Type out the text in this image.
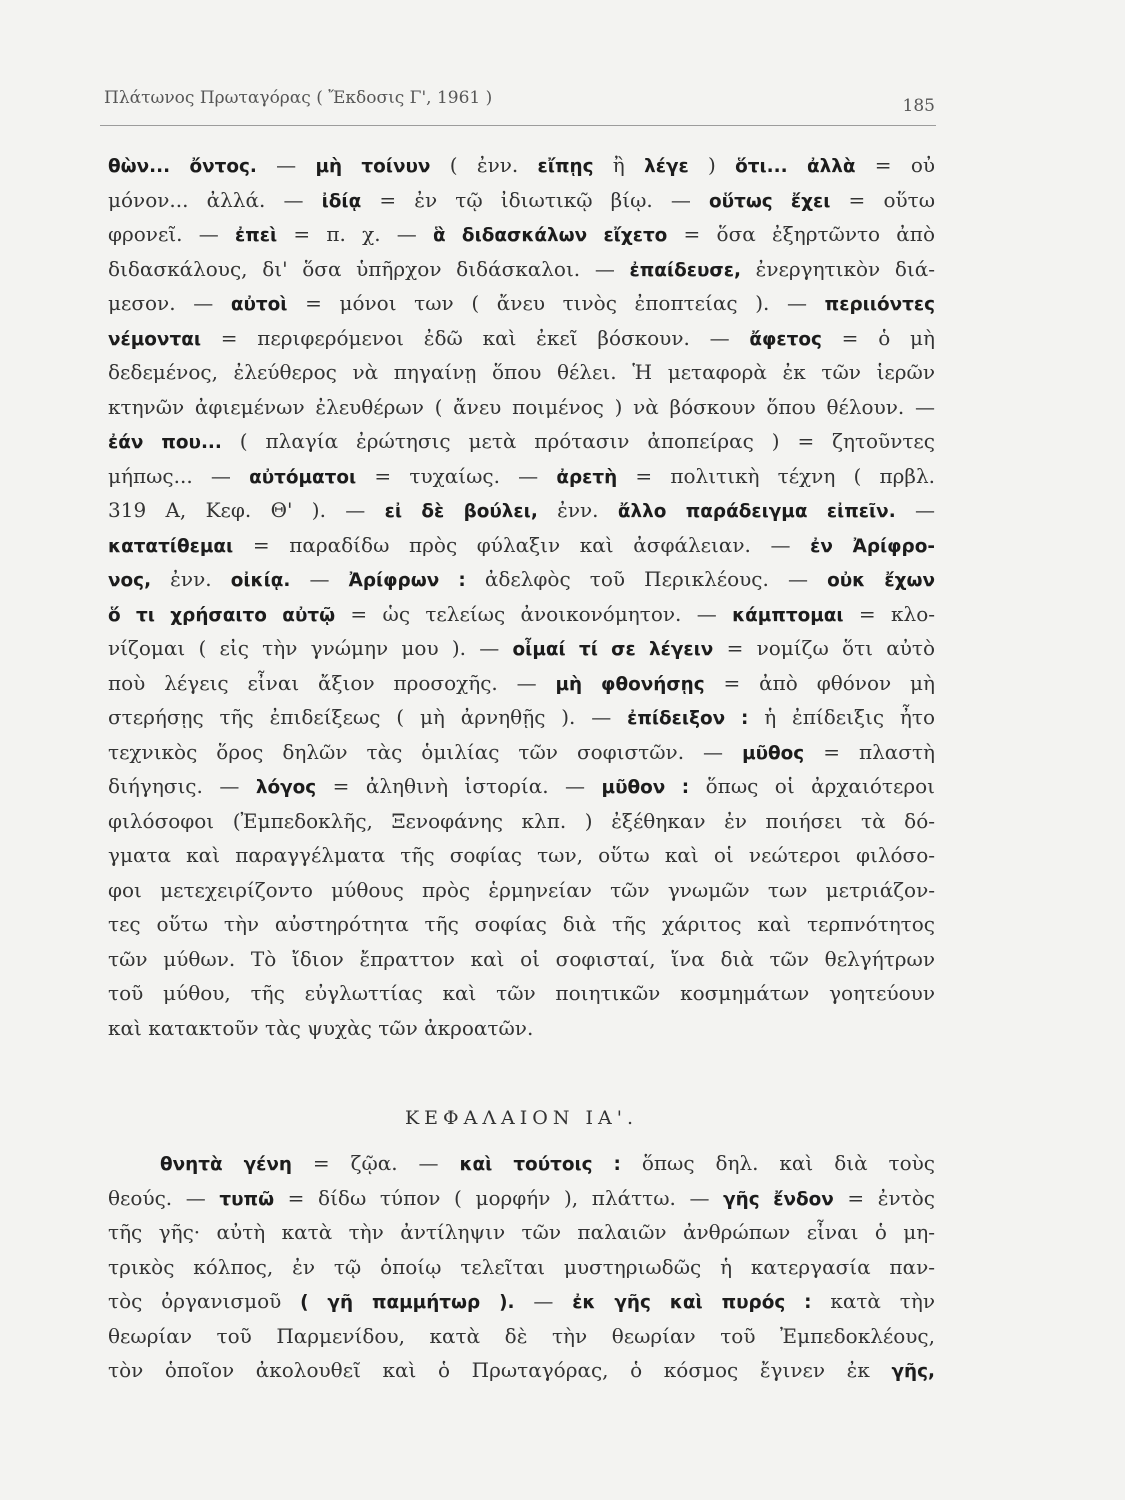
Πλάτωνος Πρωταγόρας ( Ἔκδοσις Γ', 1961 )	185
θὼν... ὄντος. — μὴ τοίνυν ( ἐνν. εἴπῃς ἢ λέγε ) ὅτι... ἀλλὰ = οὐ
μόνον... ἀλλά. — ἰδίᾳ = ἐν τῷ ἰδιωτικῷ βίῳ. — οὕτως ἔχει = οὕτω
φρονεῖ. — ἐπεὶ = π. χ. — ἃ διδασκάλων εἴχετο = ὅσα ἐξηρτῶντο ἀπὸ
διδασκάλους, δι' ὅσα ὑπῆρχον διδάσκαλοι. — ἐπαίδευσε, ἐνεργητικὸν διά-
μεσον. — αὐτοὶ = μόνοι των ( ἄνευ τινὸς ἐποπτείας ). — περιιόντες
νέμονται = περιφερόμενοι ἐδῶ καὶ ἐκεῖ βόσκουν. — ἄφετος = ὁ μὴ
δεδεμένος, ἐλεύθερος νὰ πηγαίνῃ ὅπου θέλει. Ἡ μεταφορὰ ἐκ τῶν ἱερῶν
κτηνῶν ἀφιεμένων ἐλευθέρων ( ἄνευ ποιμένος ) νὰ βόσκουν ὅπου θέλουν. —
ἐάν που... ( πλαγία ἐρώτησις μετὰ πρότασιν ἀποπείρας ) = ζητοῦντες
μήπως... — αὐτόματοι = τυχαίως. — ἀρετὴ = πολιτικὴ τέχνη ( πρβλ.
319 Α, Κεφ. Θ' ). — εἰ δὲ βούλει, ἐνν. ἄλλο παράδειγμα εἰπεῖν. —
κατατίθεμαι = παραδίδω πρὸς φύλαξιν καὶ ἀσφάλειαν. — ἐν Ἀρίφρο-
νος, ἐνν. οἰκίᾳ. — Ἀρίφρων : ἀδελφὸς τοῦ Περικλέους. — οὐκ ἔχων
ὅ τι χρήσαιτο αὐτῷ = ὡς τελείως ἀνοικονόμητον. — κάμπτομαι = κλο-
νίζομαι ( εἰς τὴν γνώμην μου ). — οἶμαί τί σε λέγειν = νομίζω ὅτι αὐτὸ
ποὺ λέγεις εἶναι ἄξιον προσοχῆς. — μὴ φθονήσῃς = ἀπὸ φθόνον μὴ
στερήσῃς τῆς ἐπιδείξεως ( μὴ ἀρνηθῇς ). — ἐπίδειξον : ἡ ἐπίδειξις ἦτο
τεχνικὸς ὅρος δηλῶν τὰς ὁμιλίας τῶν σοφιστῶν. — μῦθος = πλαστὴ
διήγησις. — λόγος = ἀληθινὴ ἱστορία. — μῦθον : ὅπως οἱ ἀρχαιότεροι
φιλόσοφοι (Ἐμπεδοκλῆς, Ξενοφάνης κλπ. ) ἐξέθηκαν ἐν ποιήσει τὰ δό-
γματα καὶ παραγγέλματα τῆς σοφίας των, οὕτω καὶ οἱ νεώτεροι φιλόσο-
φοι μετεχειρίζοντο μύθους πρὸς ἑρμηνείαν τῶν γνωμῶν των μετριάζον-
τες οὕτω τὴν αὐστηρότητα τῆς σοφίας διὰ τῆς χάριτος καὶ τερπνότητος
τῶν μύθων. Τὸ ἴδιον ἔπραττον καὶ οἱ σοφισταί, ἵνα διὰ τῶν θελγήτρων
τοῦ μύθου, τῆς εὐγλωττίας καὶ τῶν ποιητικῶν κοσμημάτων γοητεύουν
καὶ κατακτοῦν τὰς ψυχὰς τῶν ἀκροατῶν.
ΚΕΦΑΛΑΙΟΝ ΙΑ'.
θνητὰ γένη = ζῷα. — καὶ τούτοις : ὅπως δηλ. καὶ διὰ τοὺς
θεούς. — τυπῶ = δίδω τύπον ( μορφήν ), πλάττω. — γῆς ἔνδον = ἐντὸς
τῆς γῆς· αὐτὴ κατὰ τὴν ἀντίληψιν τῶν παλαιῶν ἀνθρώπων εἶναι ὁ μη-
τρικὸς κόλπος, ἐν τῷ ὁποίῳ τελεῖται μυστηριωδῶς ἡ κατεργασία παν-
τὸς ὀργανισμοῦ ( γῆ παμμήτωρ ). — ἐκ γῆς καὶ πυρός : κατὰ τὴν
θεωρίαν τοῦ Παρμενίδου, κατὰ δὲ τὴν θεωρίαν τοῦ Ἐμπεδοκλέους,
τὸν ὁποῖον ἀκολουθεῖ καὶ ὁ Πρωταγόρας, ὁ κόσμος ἔγινεν ἐκ γῆς,
